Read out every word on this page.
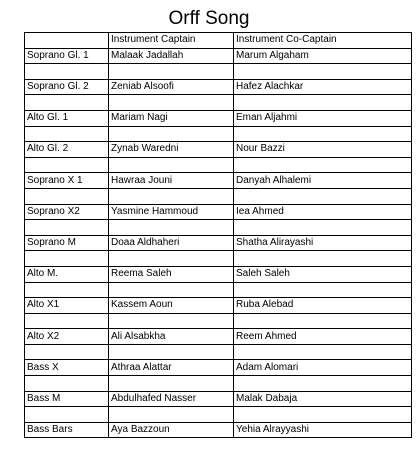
Orff Song
	Instrument Captain	Instrument Co-Captain
Soprano Gl. 1	Malaak Jadallah	Marum Algaham

Soprano Gl. 2	Zeniab Alsoofi	Hafez Alachkar

Alto Gl. 1	Mariam Nagi	Eman Aljahmi

Alto Gl. 2	Zynab Waredni	Nour Bazzi

Soprano X 1	Hawraa Jouni	Danyah Alhalemi

Soprano X2	Yasmine Hammoud	Iea Ahmed

Soprano M	Doaa Aldhaheri	Shatha Alirayashi

Alto M.	Reema Saleh	Saleh Saleh

Alto X1	Kassem Aoun	Ruba Alebad

Alto X2	Ali Alsabkha	Reem Ahmed

Bass X	Athraa Alattar	Adam Alomari

Bass M	Abdulhafed Nasser	Malak Dabaja

Bass Bars	Aya Bazzoun	Yehia Alrayyashi
